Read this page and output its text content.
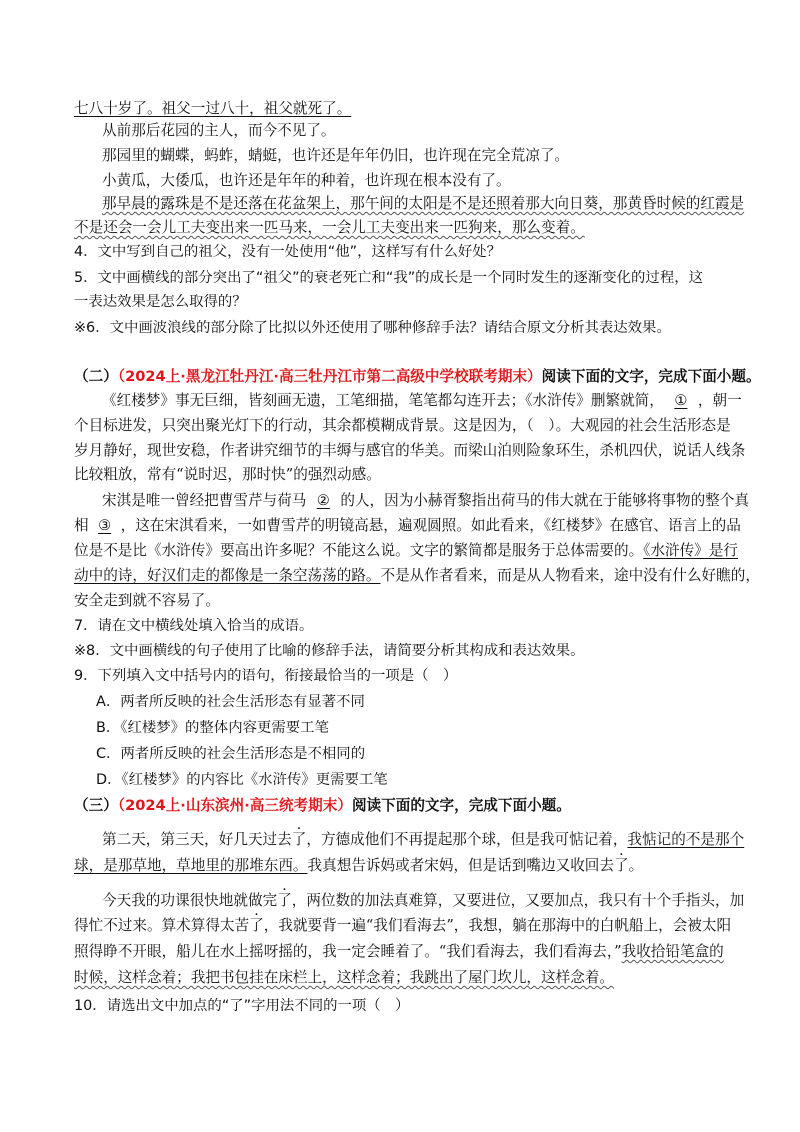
七八十岁了。祖父一过八十，祖父就死了。
从前那后花园的主人，而今不见了。
那园里的蝴蝶，蚂蚱，蜻蜓，也许还是年年仍旧，也许现在完全荒凉了。
小黄瓜，大倭瓜，也许还是年年的种着，也许现在根本没有了。
那早晨的露珠是不是还落在花盆架上，那午间的太阳是不是还照着那大向日葵，那黄昏时候的红霞是
不是还会一会儿工夫变出来一匹马来，一会儿工夫变出来一匹狗来，那么变着。
4．文中写到自己的祖父，没有一处使用“他”，这样写有什么好处？
5．文中画横线的部分突出了“祖父”的衰老死亡和“我”的成长是一个同时发生的逐渐变化的过程，这
一表达效果是怎么取得的？
※6．文中画波浪线的部分除了比拟以外还使用了哪种修辞手法？请结合原文分析其表达效果。
（二）（2024上·黑龙江牡丹江·高三牡丹江市第二高级中学校联考期末）阅读下面的文字，完成下面小题。
《红楼梦》事无巨细，皆刻画无遗，工笔细描，笔笔都勾连开去；《水浒传》删繁就简， ① ，朝一
个目标进发，只突出聚光灯下的行动，其余都模糊成背景。这是因为，（　）。大观园的社会生活形态是
岁月静好，现世安稳，作者讲究细节的丰缛与感官的华美。而梁山泊则险象环生，杀机四伏，说话人线条
比较粗放，常有“说时迟，那时快”的强烈动感。
宋淇是唯一曾经把曹雪芹与荷马 ② 的人，因为小赫胥黎指出荷马的伟大就在于能够将事物的整个真
相 ③ ，这在宋淇看来，一如曹雪芹的明镜高悬，遍观圆照。如此看来，《红楼梦》在感官、语言上的品
位是不是比《水浒传》要高出许多呢？不能这么说。文字的繁简都是服务于总体需要的。《水浒传》是行
动中的诗，好汉们走的都像是一条空荡荡的路。不是从作者看来，而是从人物看来，途中没有什么好瞧的，
安全走到就不容易了。
7．请在文中横线处填入恰当的成语。
※8．文中画横线的句子使用了比喻的修辞手法，请简要分析其构成和表达效果。
9．下列填入文中括号内的语句，衔接最恰当的一项是（　）
A．两者所反映的社会生活形态有显著不同
B．《红楼梦》的整体内容更需要工笔
C．两者所反映的社会生活形态是不相同的
D．《红楼梦》的内容比《水浒传》更需要工笔
（三）（2024上·山东滨州·高三统考期末）阅读下面的文字，完成下面小题。
第二天，第三天，好几天过去了，方德成他们不再提起那个球，但是我可惦记着，我惦记的不是那个
球，是那草地，草地里的那堆东西。我真想告诉妈或者宋妈，但是话到嘴边又收回去了。
今天我的功课很快地就做完了，两位数的加法真难算，又要进位，又要加点，我只有十个手指头，加
得忙不过来。算术算得太苦了，我就要背一遍“我们看海去”，我想，躺在那海中的白帆船上，会被太阳
照得睁不开眼，船儿在水上摇呀摇的，我一定会睡着了。“我们看海去，我们看海去，”我收拾铅笔盒的
时候，这样念着；我把书包挂在床栏上，这样念着；我跳出了屋门坎儿，这样念着。
10．请选出文中加点的“了”字用法不同的一项（　）
